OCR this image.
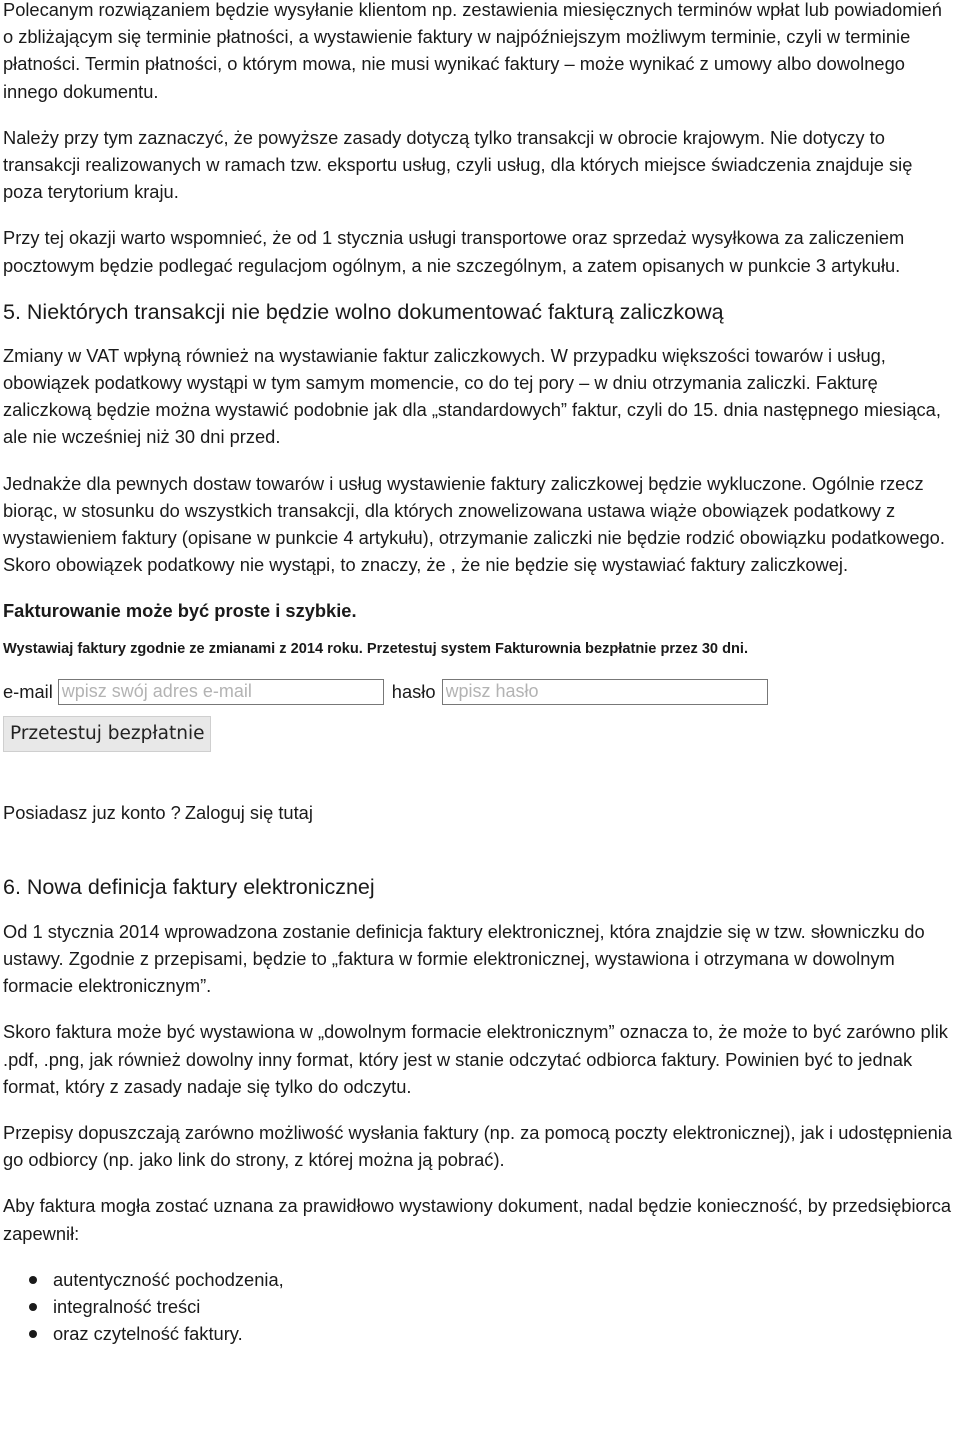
Polecanym rozwiązaniem będzie wysyłanie klientom np. zestawienia miesięcznych terminów wpłat lub powiadomień o zbliżającym się terminie płatności, a wystawienie faktury w najpóźniejszym możliwym terminie, czyli w terminie płatności. Termin płatności, o którym mowa, nie musi wynikać faktury – może wynikać z umowy albo dowolnego innego dokumentu.

Należy przy tym zaznaczyć, że powyższe zasady dotyczą tylko transakcji w obrocie krajowym. Nie dotyczy to transakcji realizowanych w ramach tzw. eksportu usług, czyli usług, dla których miejsce świadczenia znajduje się poza terytorium kraju.

Przy tej okazji warto wspomnieć, że od 1 stycznia usługi transportowe oraz sprzedaż wysyłkowa za zaliczeniem pocztowym będzie podlegać regulacjom ogólnym, a nie szczególnym, a zatem opisanych w punkcie 3 artykułu.

5. Niektórych transakcji nie będzie wolno dokumentować fakturą zaliczkową

Zmiany w VAT wpłyną również na wystawianie faktur zaliczkowych. W przypadku większości towarów i usług, obowiązek podatkowy wystąpi w tym samym momencie, co do tej pory – w dniu otrzymania zaliczki. Fakturę zaliczkową będzie można wystawić podobnie jak dla „standardowych” faktur, czyli do 15. dnia następnego miesiąca, ale nie wcześniej niż 30 dni przed.

Jednakże dla pewnych dostaw towarów i usług wystawienie faktury zaliczkowej będzie wykluczone. Ogólnie rzecz biorąc, w stosunku do wszystkich transakcji, dla których znowelizowana ustawa wiąże obowiązek podatkowy z wystawieniem faktury (opisane w punkcie 4 artykułu), otrzymanie zaliczki nie będzie rodzić obowiązku podatkowego. Skoro obowiązek podatkowy nie wystąpi, to znaczy, że , że nie będzie się wystawiać faktury zaliczkowej.

Fakturowanie może być proste i szybkie.

Wystawiaj faktury zgodnie ze zmianami z 2014 roku. Przetestuj system Fakturownia bezpłatnie przez 30 dni.

e-mail
wpisz swój adres e-mail	hasło
Przetestuj bezpłatnie

Posiadasz juz konto ? Zaloguj się tutaj

6. Nowa definicja faktury elektronicznej

Od 1 stycznia 2014 wprowadzona zostanie definicja faktury elektronicznej, która znajdzie się w tzw. słowniczku do ustawy. Zgodnie z przepisami, będzie to „faktura w formie elektronicznej, wystawiona i otrzymana w dowolnym formacie elektronicznym”.

Skoro faktura może być wystawiona w „dowolnym formacie elektronicznym” oznacza to, że może to być zarówno plik .pdf, .png, jak również dowolny inny format, który jest w stanie odczytać odbiorca faktury. Powinien być to jednak format, który z zasady nadaje się tylko do odczytu.

Przepisy dopuszczają zarówno możliwość wysłania faktury (np. za pomocą poczty elektronicznej), jak i udostępnienia go odbiorcy (np. jako link do strony, z której można ją pobrać).

Aby faktura mogła zostać uznana za prawidłowo wystawiony dokument, nadal będzie konieczność, by przedsiębiorca zapewnił:

autentyczność pochodzenia,
integralność treści
oraz czytelność faktury.
